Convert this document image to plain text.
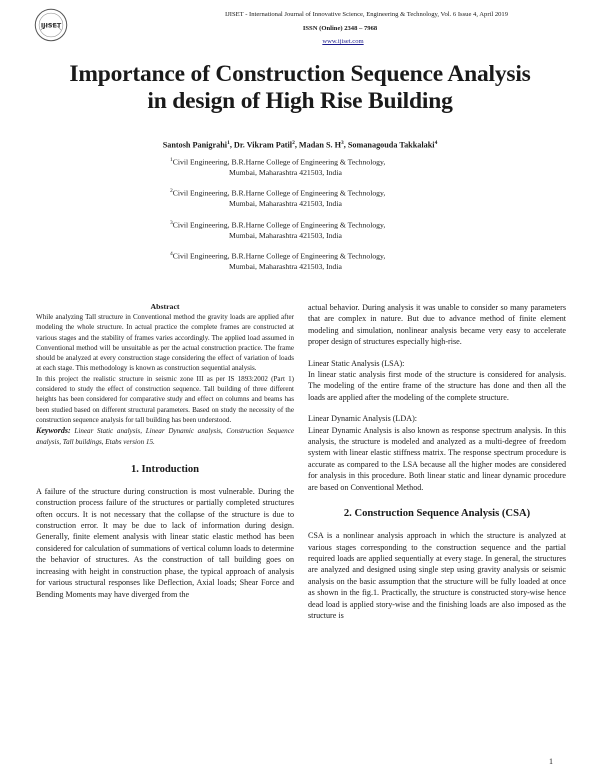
IJISET
IJISET - International Journal of Innovative Science, Engineering & Technology, Vol. 6 Issue 4, April 2019
ISSN (Online) 2348 – 7968
www.ijiset.com
Importance of Construction Sequence Analysis
in design of High Rise Building
Santosh Panigrahi$^1$, Dr. Vikram Patil$^2$, Madan S. $H^3$, Somanagouda Takkalaki$^4$
$^1$Civil Engineering, B.R.Harne College of Engineering & Technology,
Mumbai, Maharashtra 421503, India
$^2$Civil Engineering, B.R.Harne College of Engineering & Technology,
Mumbai, Maharashtra 421503, India
$^3$Civil Engineering, B.R.Harne College of Engineering & Technology,
Mumbai, Maharashtra 421503, India
$^4$Civil Engineering, B.R.Harne College of Engineering & Technology,
Mumbai, Maharashtra 421503, India
Abstract

While analyzing Tall structure in Conventional method the gravity loads are applied after modeling the whole structure. In actual practice the complete frames are constructed at various stages and the stability of frames varies accordingly. The applied load assumed in Conventional method will be unsuitable as per the actual construction practice. The frame should be analyzed at every construction stage considering the effect of variation of loads at each stage. This methodology is known as construction sequential analysis.

In this project the realistic structure in seismic zone III as per IS 1893:2002 (Part 1) considered to study the effect of construction sequence. Tall building of three different heights has been considered for comparative study and effect on columns and beams has been studied based on different structural parameters. Based on study the necessity of the construction sequence analysis for tall building has been understood.

Keywords: Linear Static analysis, Linear Dynamic analysis, Construction Sequence analysis, Tall buildings, Etabs version 15.

1. Introduction

A failure of the structure during construction is most vulnerable. During the construction process failure of the structures or partially completed structures often occurs. It is not necessary that the collapse of the structure is due to construction error. It may be due to lack of information during design. Generally, finite element analysis with linear static elastic method has been considered for calculation of summations of vertical column loads to determine the behavior of structures. As the construction of tall building goes on increasing with height in construction phase, the typical approach of analysis for various structural responses like Deflection, Axial loads; Shear Force and Bending Moments may have diverged from the

actual behavior. During analysis it was unable to consider so many parameters that are complex in nature. But due to advance method of finite element modeling and simulation, nonlinear analysis became very easy to accelerate proper design of structures especially high-rise.

Linear Static Analysis (LSA):

In linear static analysis first mode of the structure is considered for analysis. The modeling of the entire frame of the structure has done and then all the loads are applied after the modeling of the complete structure.

Linear Dynamic Analysis (LDA):

Linear Dynamic Analysis is also known as response spectrum analysis. In this analysis, the structure is modeled and analyzed as a multi-degree of freedom system with linear elastic stiffness matrix. The response spectrum procedure is accurate as compared to the LSA because all the higher modes are considered for analysis in this procedure. Both linear static and linear dynamic procedure are based on Conventional Method.

2. Construction Sequence Analysis (CSA)

CSA is a nonlinear analysis approach in which the structure is analyzed at various stages corresponding to the construction sequence and the partial required loads are applied sequentially at every stage. In general, the structures are analyzed and designed using single step using gravity analysis or seismic analysis on the basic assumption that the structure will be fully loaded at once as shown in the fig.1. Practically, the structure is constructed story-wise hence dead load is applied story-wise and the finishing loads are also imposed as the structure is

1
